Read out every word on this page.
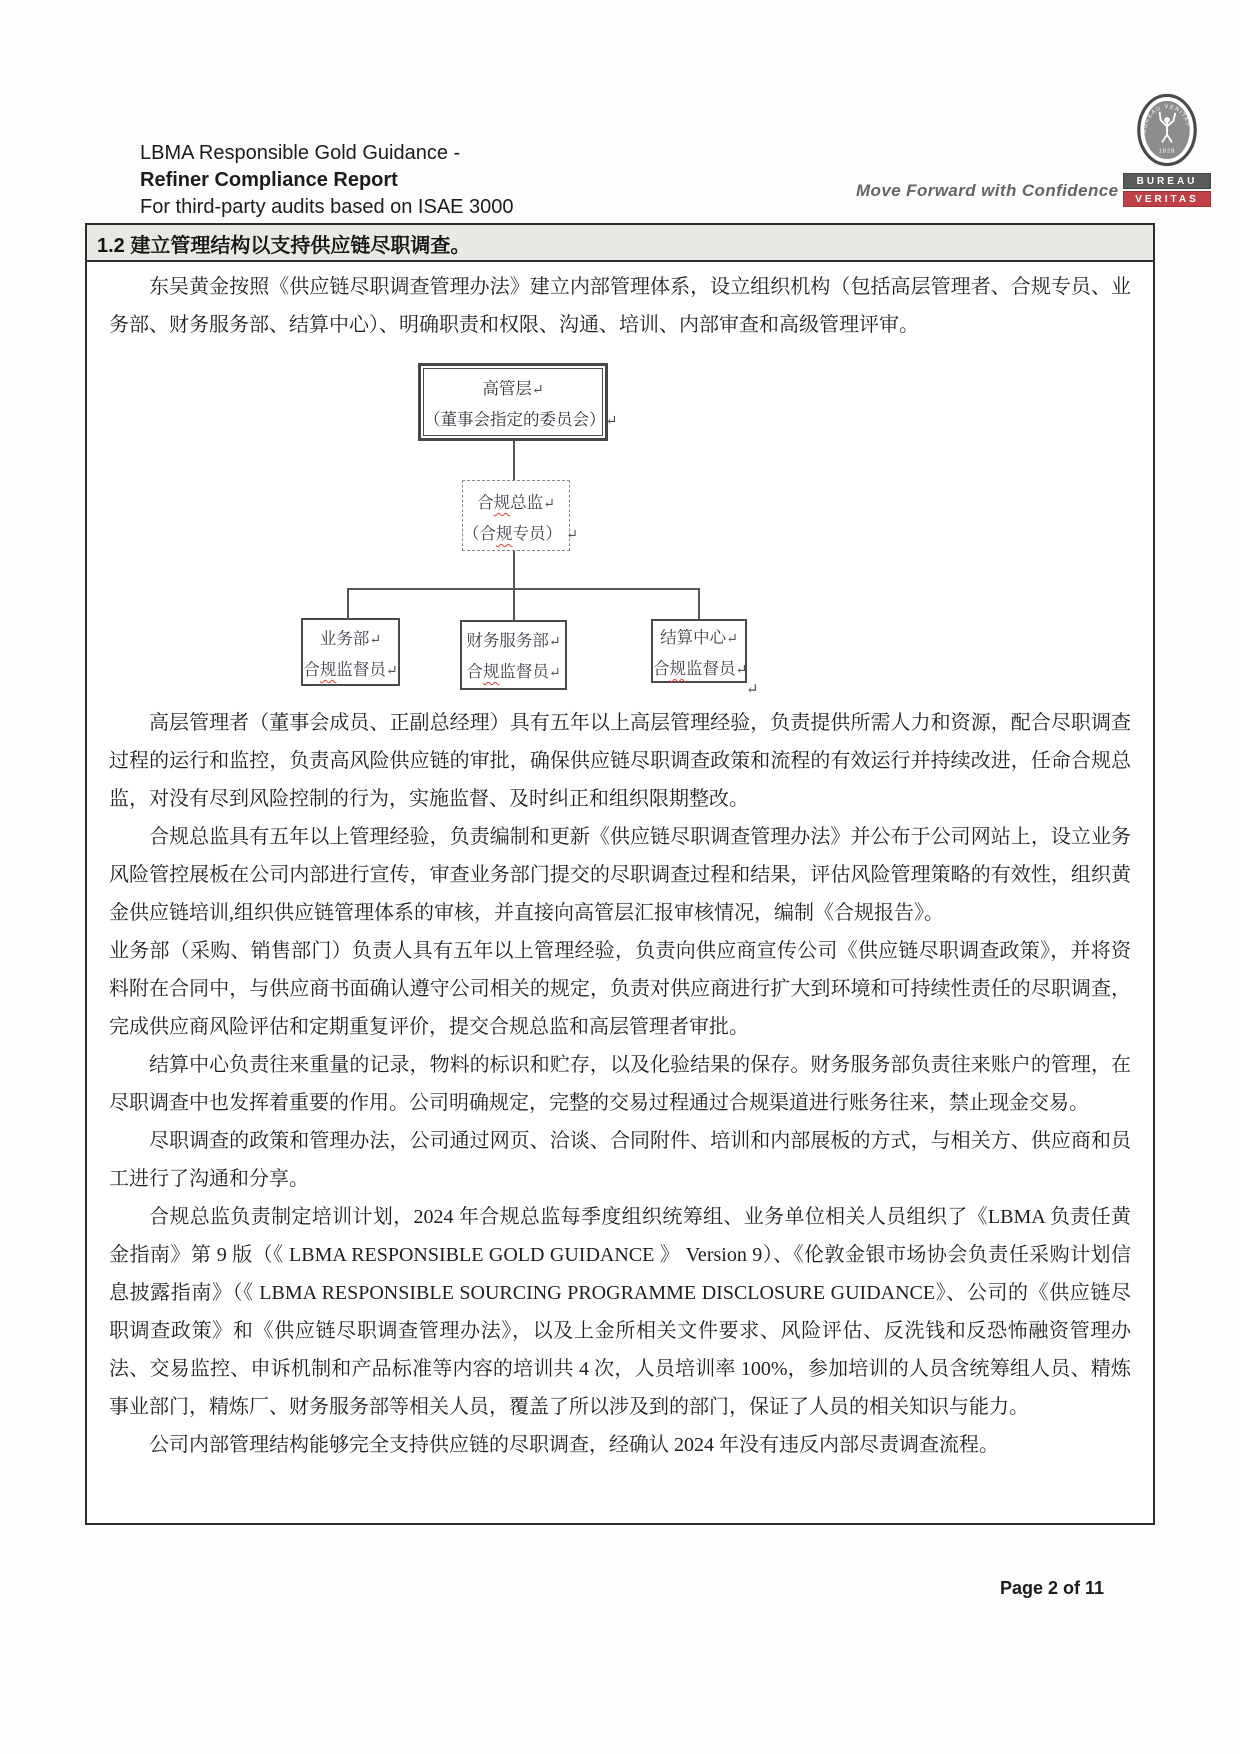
LBMA Responsible Gold Guidance -
Refiner Compliance Report
For third-party audits based on ISAE 3000
Move Forward with Confidence
BUREAU VERITAS
1828
BUREAU
VERITAS
1.2 建立管理结构以支持供应链尽职调查。

东吴黄金按照《供应链尽职调查管理办法》建立内部管理体系，设立组织机构（包括高层管理者、合规专员、业务部、财务服务部、结算中心）、明确职责和权限、沟通、培训、内部审查和高级管理评审。

高管层↵
（董事会指定的委员会）↵
合规总监↵
（合规专员） ↵
业务部↵
合规监督员↵
财务服务部↵
合规监督员↵
结算中心↵
合规监督员↵
↵

高层管理者（董事会成员、正副总经理）具有五年以上高层管理经验，负责提供所需人力和资源，配合尽职调查过程的运行和监控，负责高风险供应链的审批，确保供应链尽职调查政策和流程的有效运行并持续改进，任命合规总监，对没有尽到风险控制的行为，实施监督、及时纠正和组织限期整改。

合规总监具有五年以上管理经验，负责编制和更新《供应链尽职调查管理办法》并公布于公司网站上，设立业务风险管控展板在公司内部进行宣传，审查业务部门提交的尽职调查过程和结果，评估风险管理策略的有效性，组织黄金供应链培训,组织供应链管理体系的审核，并直接向高管层汇报审核情况，编制《合规报告》。

业务部（采购、销售部门）负责人具有五年以上管理经验，负责向供应商宣传公司《供应链尽职调查政策》，并将资料附在合同中，与供应商书面确认遵守公司相关的规定，负责对供应商进行扩大到环境和可持续性责任的尽职调查，完成供应商风险评估和定期重复评价，提交合规总监和高层管理者审批。

结算中心负责往来重量的记录，物料的标识和贮存，以及化验结果的保存。财务服务部负责往来账户的管理，在尽职调查中也发挥着重要的作用。公司明确规定，完整的交易过程通过合规渠道进行账务往来，禁止现金交易。

尽职调查的政策和管理办法，公司通过网页、洽谈、合同附件、培训和内部展板的方式，与相关方、供应商和员工进行了沟通和分享。

合规总监负责制定培训计划，2024 年合规总监每季度组织统筹组、业务单位相关人员组织了《LBMA 负责任黄金指南》第 9 版（《 LBMA RESPONSIBLE GOLD GUIDANCE 》 Version 9）、《伦敦金银市场协会负责任采购计划信息披露指南》（《 LBMA RESPONSIBLE SOURCING PROGRAMME DISCLOSURE GUIDANCE》、公司的《供应链尽职调查政策》和《供应链尽职调查管理办法》，以及上金所相关文件要求、风险评估、反洗钱和反恐怖融资管理办法、交易监控、申诉机制和产品标准等内容的培训共 4 次，人员培训率 100%，参加培训的人员含统筹组人员、精炼事业部门，精炼厂、财务服务部等相关人员，覆盖了所以涉及到的部门，保证了人员的相关知识与能力。

公司内部管理结构能够完全支持供应链的尽职调查，经确认 2024 年没有违反内部尽责调查流程。

Page 2 of 11
